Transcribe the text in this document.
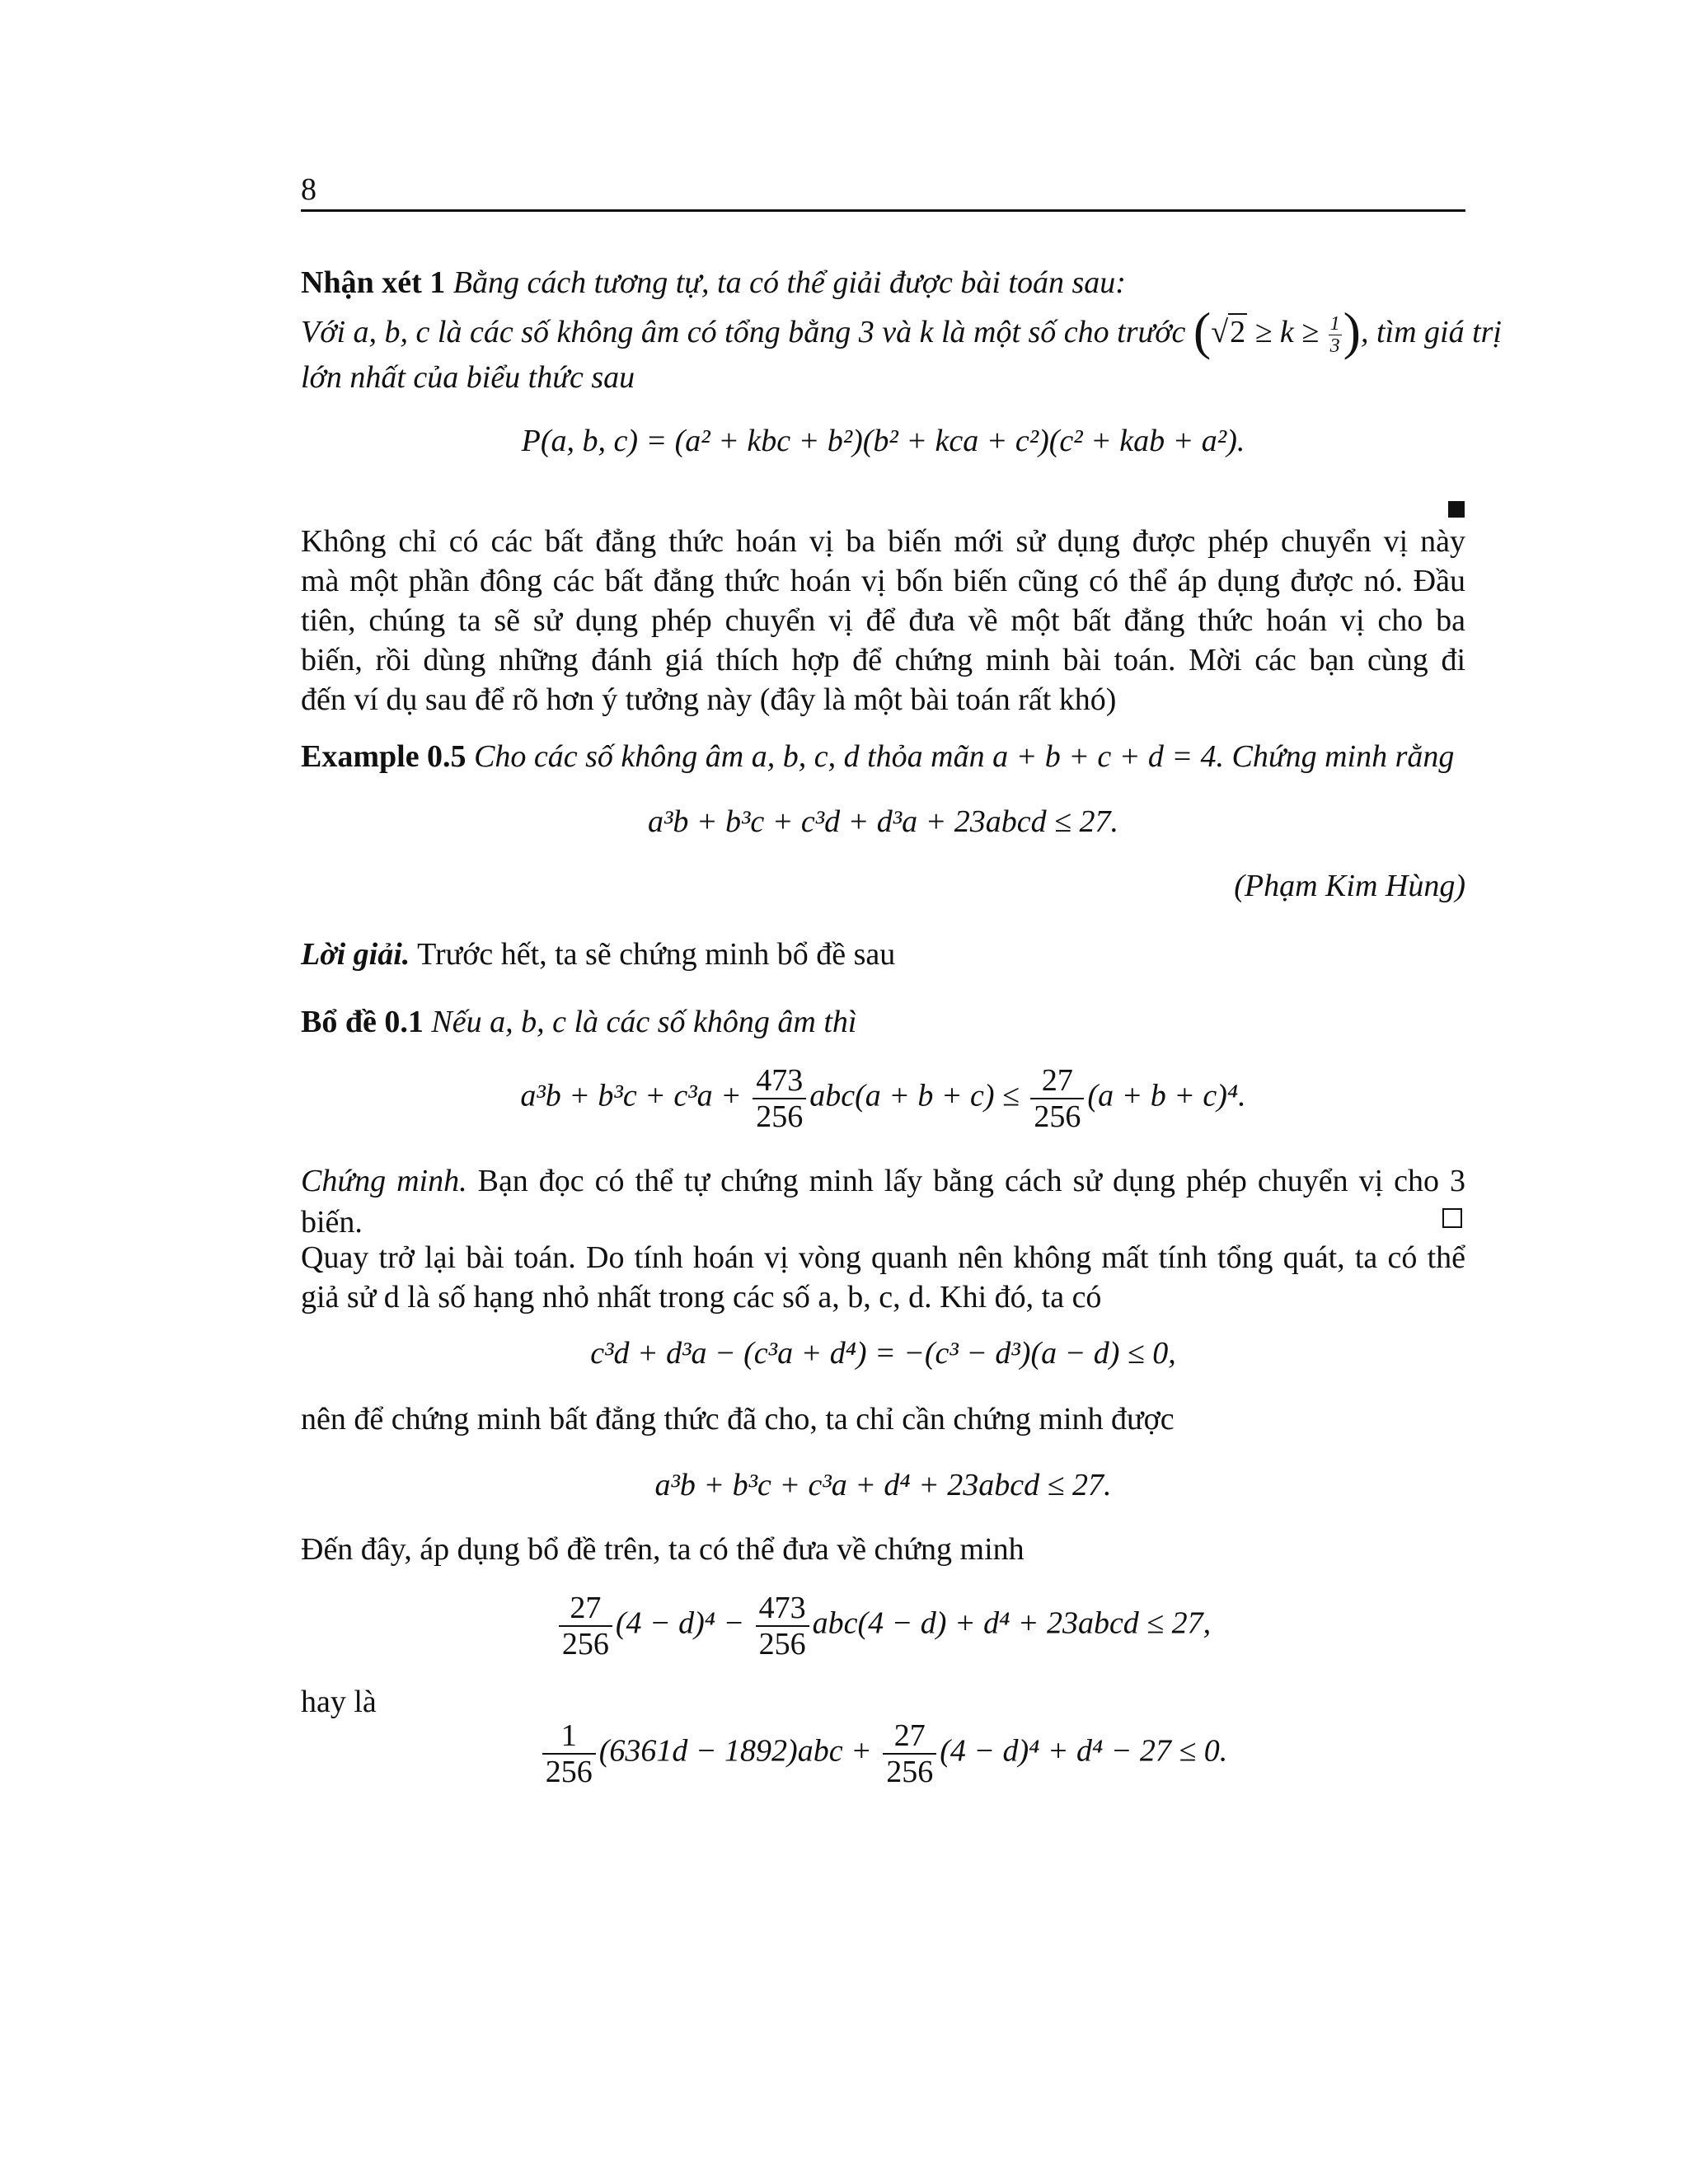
8
Nhận xét 1 Bằng cách tương tự, ta có thể giải được bài toán sau:
Với a, b, c là các số không âm có tổng bằng 3 và k là một số cho trước ($√2 \ge k \ge \frac{1}{3}$ ), tìm giá trị
lớn nhất của biểu thức sau
P(a, b, c) = (a² + kbc + b²)(b² + kca + c²)(c² + kab + a²).
Không chỉ có các bất đẳng thức hoán vị ba biến mới sử dụng được phép chuyển vị này
mà một phần đông các bất đẳng thức hoán vị bốn biến cũng có thể áp dụng được nó. Đầu
tiên, chúng ta sẽ sử dụng phép chuyển vị để đưa về một bất đẳng thức hoán vị cho ba
biến, rồi dùng những đánh giá thích hợp để chứng minh bài toán. Mời các bạn cùng đi
đến ví dụ sau để rõ hơn ý tưởng này (đây là một bài toán rất khó)
Example 0.5 Cho các số không âm a, b, c, d thỏa mãn a + b + c + d = 4. Chứng minh rằng
a³b + b³c + c³d + d³a + 23abcd ≤ 27.
(Phạm Kim Hùng)
Lời giải. Trước hết, ta sẽ chứng minh bổ đề sau
Bổ đề 0.1 Nếu a, b, c là các số không âm thì
$a^3b + b^3c + c^3a + \frac{473}{256} abc(a + b + c) \le \frac{27}{256} (a + b + c)^4$.
Chứng minh. Bạn đọc có thể tự chứng minh lấy bằng cách sử dụng phép chuyển vị cho 3
biến.
Quay trở lại bài toán. Do tính hoán vị vòng quanh nên không mất tính tổng quát, ta có thể
giả sử d là số hạng nhỏ nhất trong các số a, b, c, d. Khi đó, ta có
c³d + d³a − (c³a + d⁴) = −(c³ − d³)(a − d) ≤ 0,
nên để chứng minh bất đẳng thức đã cho, ta chỉ cần chứng minh được
a³b + b³c + c³a + d⁴ + 23abcd ≤ 27.
Đến đây, áp dụng bổ đề trên, ta có thể đưa về chứng minh
$\frac{27}{256} (4 - d)^4 - \frac{473}{256} abc(4 - d) + d^4$ + 23abcd ≤ 27,
hay là
$\frac{1}{256} (6361d - 1892)abc + \frac{27}{256} (4 - d)^4 + d^4 - 27 \le 0$.
